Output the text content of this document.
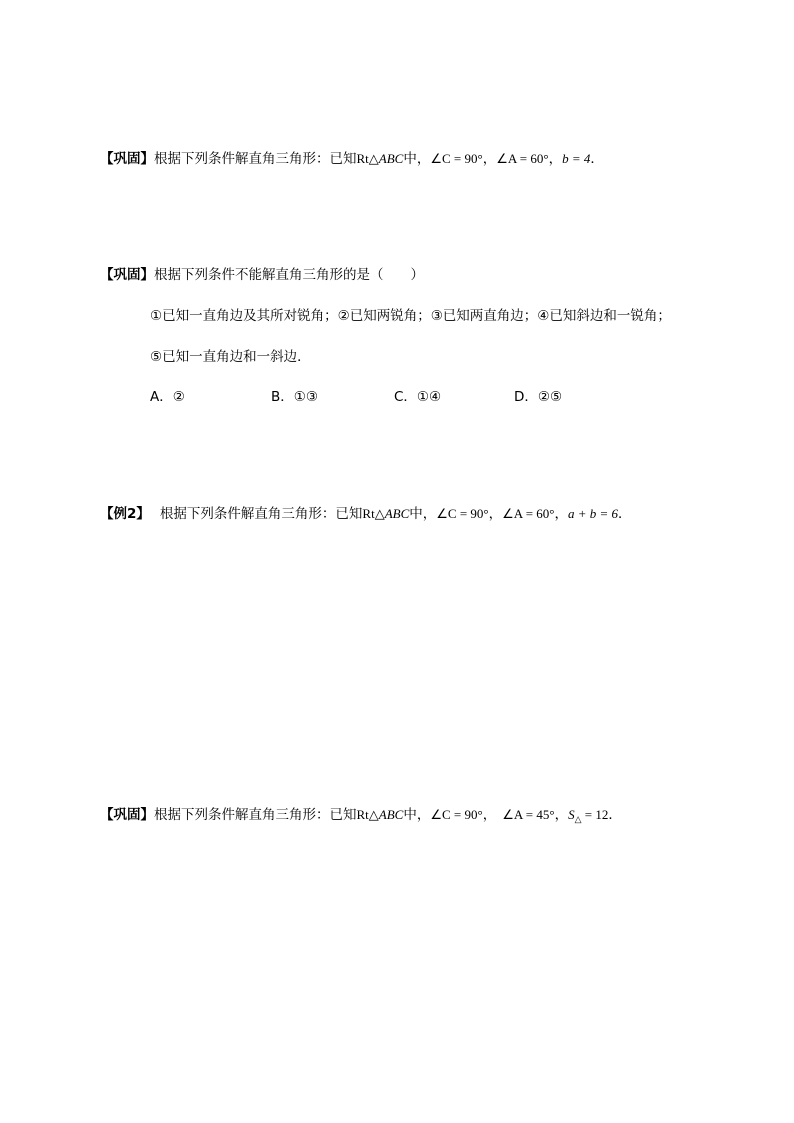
【巩固】根据下列条件解直角三角形：已知Rt△ABC中，∠C = 90°，∠A = 60°，b = 4．
【巩固】根据下列条件不能解直角三角形的是（　　）
①已知一直角边及其所对锐角；②已知两锐角；③已知两直角边；④已知斜边和一锐角；
⑤已知一直角边和一斜边．
A．②	B．①③	C．①④	D．②⑤
【例2】 根据下列条件解直角三角形：已知Rt△ABC中，∠C = 90°，∠A = 60°，a + b = 6．
【巩固】根据下列条件解直角三角形：已知Rt△ABC中，∠C = 90°， ∠A = 45°，$S_\triangle = 12$．
